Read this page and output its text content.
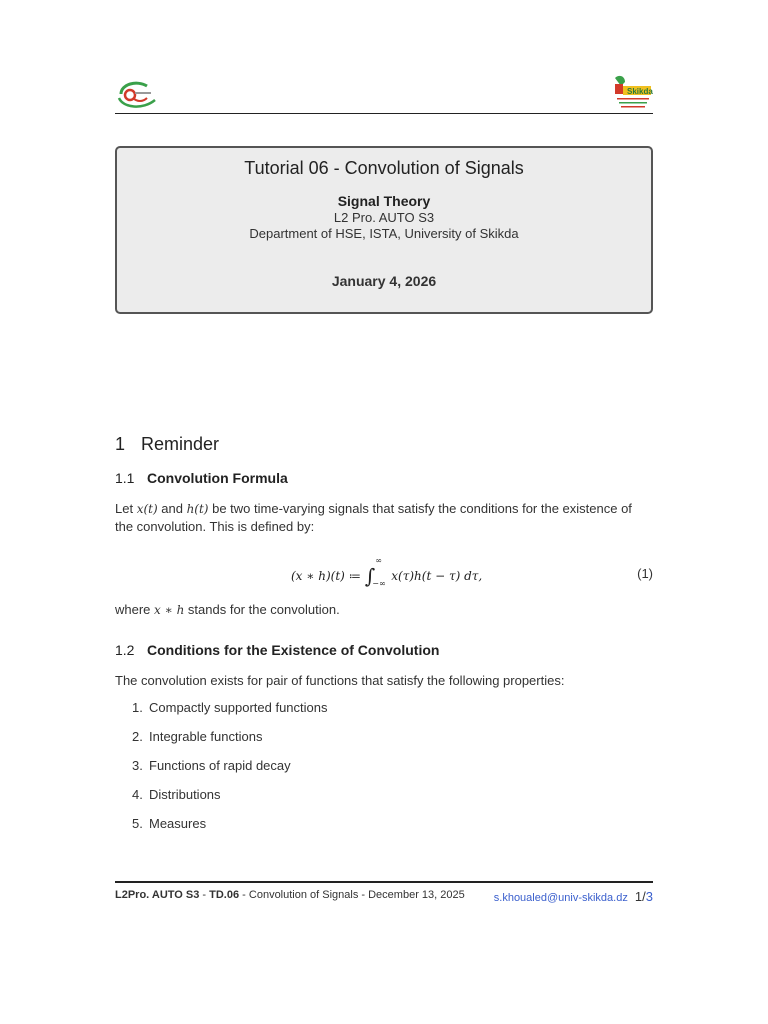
Skikda
Tutorial 06 - Convolution of Signals
Signal Theory
L2 Pro. AUTO S3
Department of HSE, ISTA, University of Skikda
January 4, 2026
1 Reminder
1.1 Convolution Formula
Let x(t) and h(t) be two time-varying signals that satisfy the conditions for the existence of the convolution. This is defined by:
(x ∗ h)(t) ≔ ∫
∞
−∞
x(τ)h(t − τ) dτ,	(1)
where x ∗ h stands for the convolution.
1.2 Conditions for the Existence of Convolution
The convolution exists for pair of functions that satisfy the following properties:
1. Compactly supported functions
2. Integrable functions
3. Functions of rapid decay
4. Distributions
5. Measures
L2Pro. AUTO S3 - TD.06 - Convolution of Signals - December 13, 2025	s.khoualed@univ-skikda.dz 1/3
